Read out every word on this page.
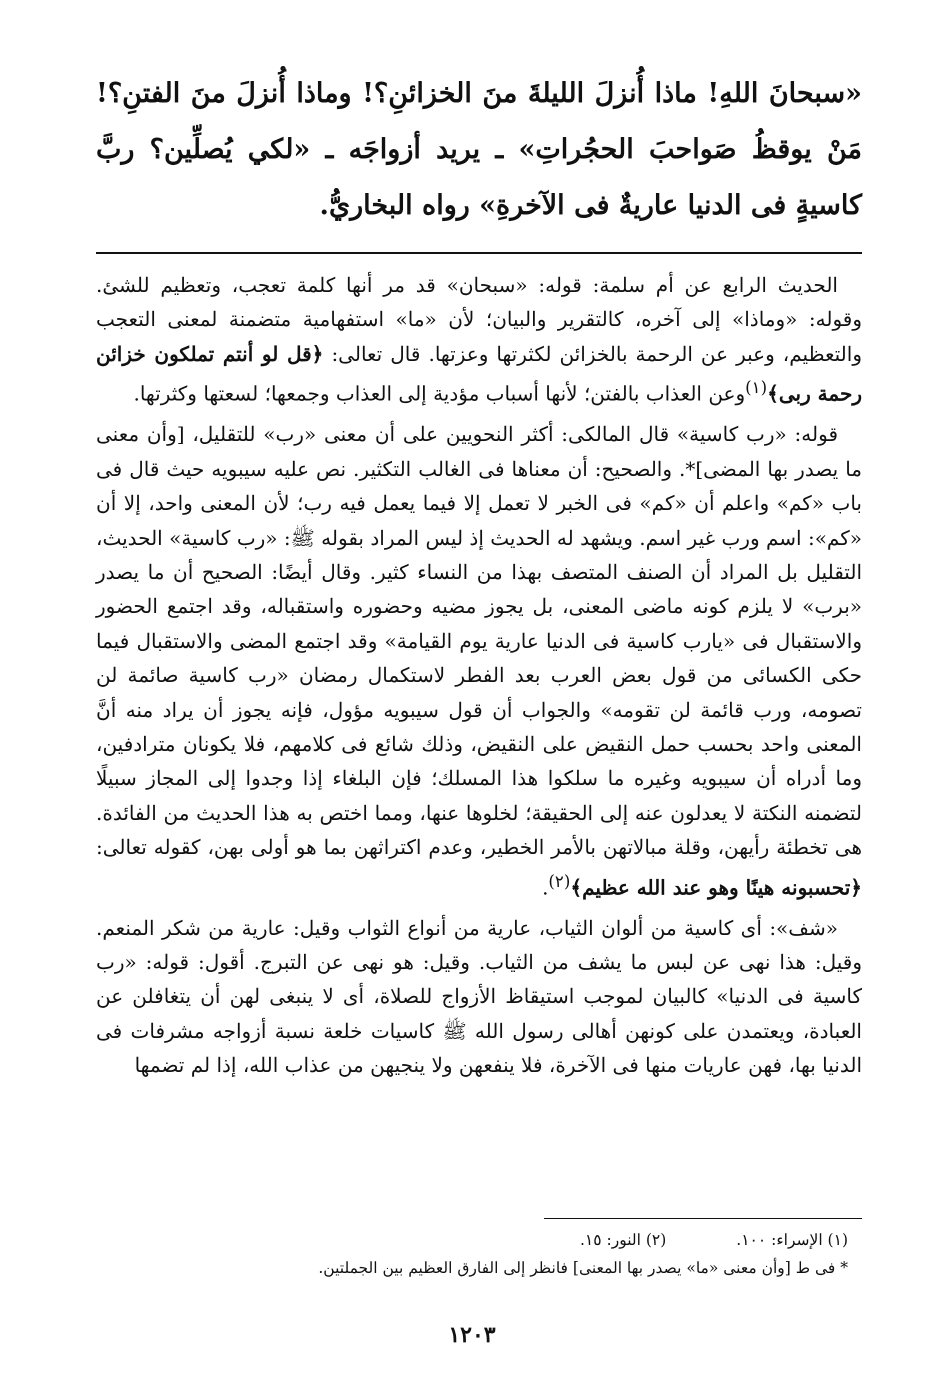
«سبحانَ اللهِ! ماذا أُنزلَ الليلةَ منَ الخزائنِ؟! وماذا أُنزلَ منَ الفتنِ؟! مَنْ يوقظُ صَواحبَ الحجُراتِ» ـ يريد أزواجَه ـ «لكي يُصلِّين؟ ربَّ كاسيةٍ فى الدنيا عاريةٌ فى الآخرةِ» رواه البخاريُّ.

الحديث الرابع عن أم سلمة: قوله: «سبحان» قد مر أنها كلمة تعجب، وتعظيم للشئ. وقوله: «وماذا» إلى آخره، كالتقرير والبيان؛ لأن «ما» استفهامية متضمنة لمعنى التعجب والتعظيم، وعبر عن الرحمة بالخزائن لكثرتها وعزتها. قال تعالى: ﴿قل لو أنتم تملكون خزائن رحمة ربى﴾$^{(١)}$وعن العذاب بالفتن؛ لأنها أسباب مؤدية إلى العذاب وجمعها؛ لسعتها وكثرتها.

قوله: «رب كاسية» قال المالكى: أكثر النحويين على أن معنى «رب» للتقليل، [وأن معنى ما يصدر بها المضى]*. والصحيح: أن معناها فى الغالب التكثير. نص عليه سيبويه حيث قال فى باب «كم» واعلم أن «كم» فى الخبر لا تعمل إلا فيما يعمل فيه رب؛ لأن المعنى واحد، إلا أن «كم»: اسم ورب غير اسم. ويشهد له الحديث إذ ليس المراد بقوله ﷺ: «رب كاسية» الحديث، التقليل بل المراد أن الصنف المتصف بهذا من النساء كثير. وقال أيضًا: الصحيح أن ما يصدر «برب» لا يلزم كونه ماضى المعنى، بل يجوز مضيه وحضوره واستقباله، وقد اجتمع الحضور والاستقبال فى «يارب كاسية فى الدنيا عارية يوم القيامة» وقد اجتمع المضى والاستقبال فيما حكى الكسائى من قول بعض العرب بعد الفطر لاستكمال رمضان «رب كاسية صائمة لن تصومه، ورب قائمة لن تقومه» والجواب أن قول سيبويه مؤول، فإنه يجوز أن يراد منه أنَّ المعنى واحد بحسب حمل النقيض على النقيض، وذلك شائع فى كلامهم، فلا يكونان مترادفين، وما أدراه أن سيبويه وغيره ما سلكوا هذا المسلك؛ فإن البلغاء إذا وجدوا إلى المجاز سبيلًا لتضمنه النكتة لا يعدلون عنه إلى الحقيقة؛ لخلوها عنها، ومما اختص به هذا الحديث من الفائدة. هى تخطئة رأيهن، وقلة مبالاتهن بالأمر الخطير، وعدم اكتراثهن بما هو أولى بهن، كقوله تعالى: ﴿تحسبونه هينًا وهو عند الله عظيم﴾$^{(٢)}$.

«شف»: أى كاسية من ألوان الثياب، عارية من أنواع الثواب وقيل: عارية من شكر المنعم. وقيل: هذا نهى عن لبس ما يشف من الثياب. وقيل: هو نهى عن التبرج. أقول: قوله: «رب كاسية فى الدنيا» كالبيان لموجب استيقاظ الأزواج للصلاة، أى لا ينبغى لهن أن يتغافلن عن العبادة، ويعتمدن على كونهن أهالى رسول الله ﷺ كاسيات خلعة نسبة أزواجه مشرفات فى الدنيا بها، فهن عاريات منها فى الآخرة، فلا ينفعهن ولا ينجيهن من عذاب الله، إذا لم تضمها

(١) الإسراء: ١٠٠.
(٢) النور: ١٥.
* فى ط [وأن معنى «ما» يصدر بها المعنى] فانظر إلى الفارق العظيم بين الجملتين.
١٢٠٣
